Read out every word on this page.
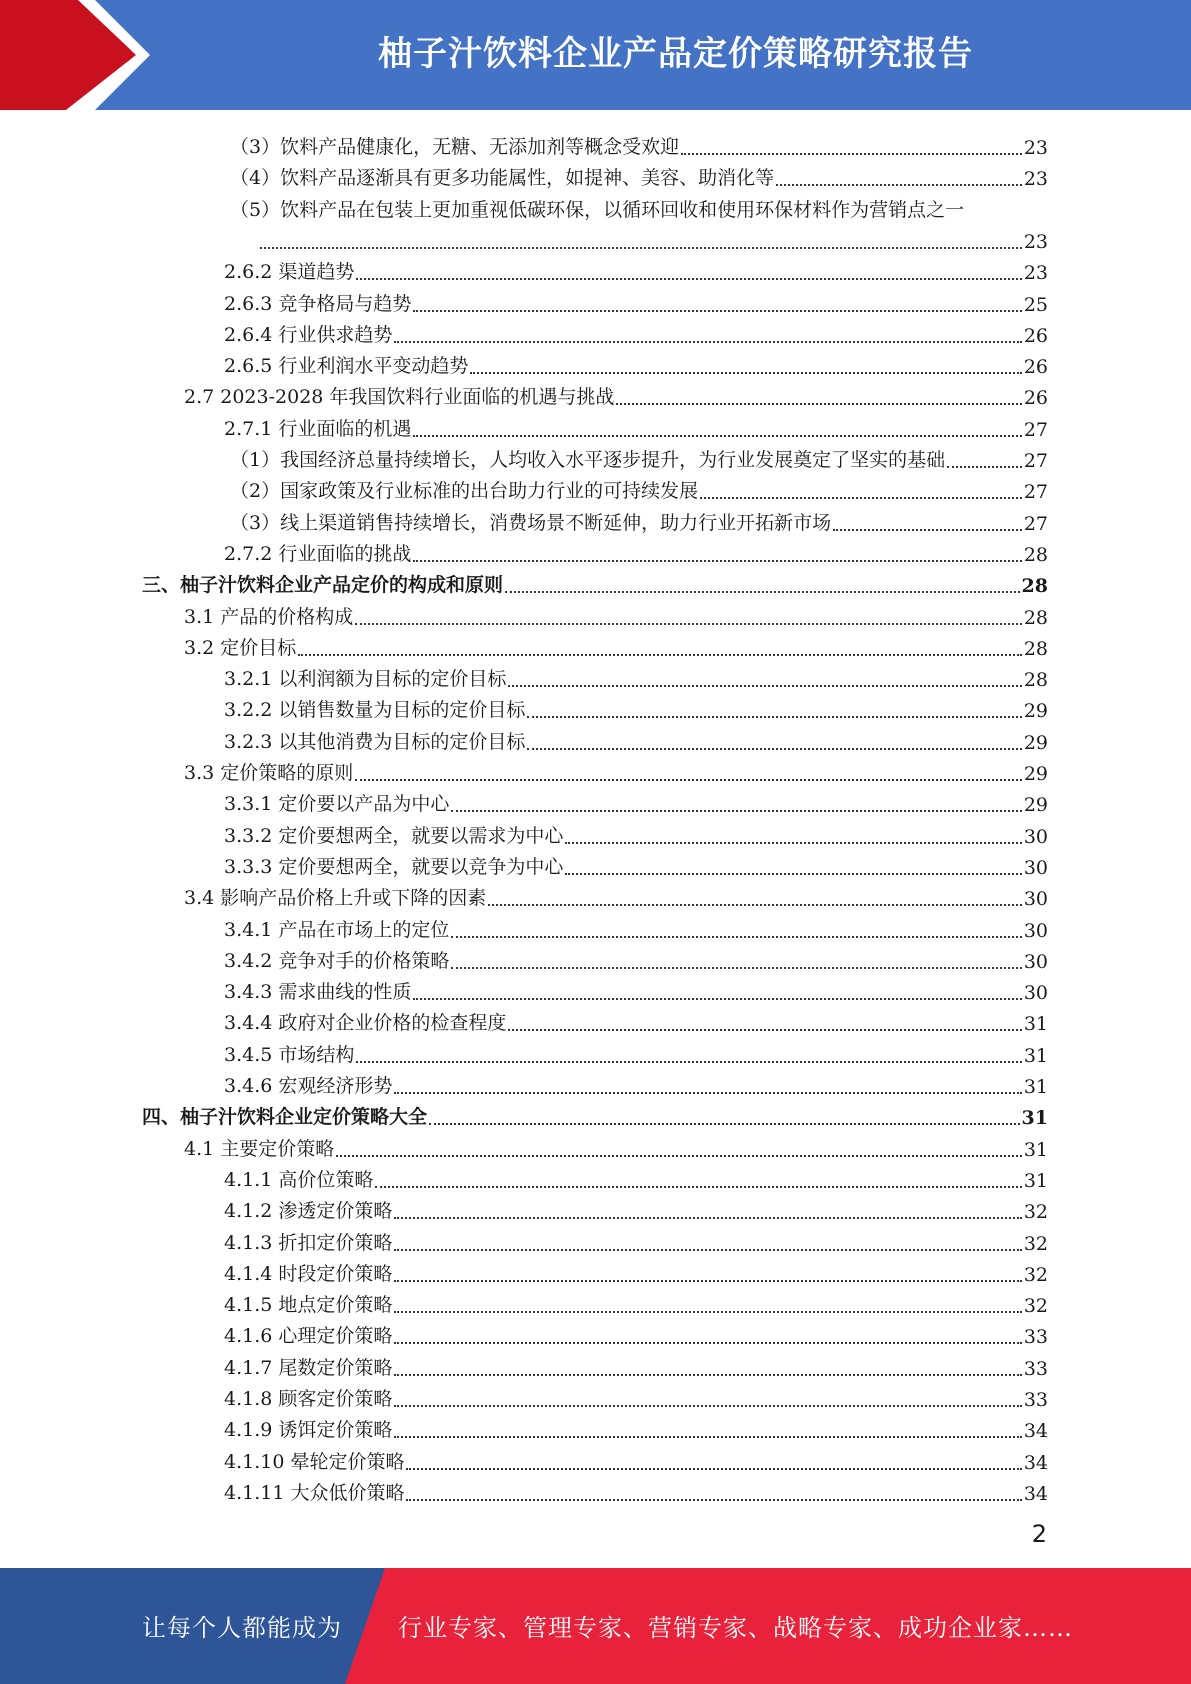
柚子汁饮料企业产品定价策略研究报告
（3）饮料产品健康化，无糖、无添加剂等概念受欢迎	23
（4）饮料产品逐渐具有更多功能属性，如提神、美容、助消化等	23
（5）饮料产品在包装上更加重视低碳环保，以循环回收和使用环保材料作为营销点之一
23
2.6.2 渠道趋势	23
2.6.3 竞争格局与趋势	25
2.6.4 行业供求趋势	26
2.6.5 行业利润水平变动趋势	26
2.7 2023-2028 年我国饮料行业面临的机遇与挑战	26
2.7.1 行业面临的机遇	27
（1）我国经济总量持续增长，人均收入水平逐步提升，为行业发展奠定了坚实的基础	27
（2）国家政策及行业标准的出台助力行业的可持续发展	27
（3）线上渠道销售持续增长，消费场景不断延伸，助力行业开拓新市场	27
2.7.2 行业面临的挑战	28
三、柚子汁饮料企业产品定价的构成和原则	28
3.1 产品的价格构成	28
3.2 定价目标	28
3.2.1 以利润额为目标的定价目标	28
3.2.2 以销售数量为目标的定价目标	29
3.2.3 以其他消费为目标的定价目标	29
3.3 定价策略的原则	29
3.3.1 定价要以产品为中心	29
3.3.2 定价要想两全，就要以需求为中心	30
3.3.3 定价要想两全，就要以竞争为中心	30
3.4 影响产品价格上升或下降的因素	30
3.4.1 产品在市场上的定位	30
3.4.2 竞争对手的价格策略	30
3.4.3 需求曲线的性质	30
3.4.4 政府对企业价格的检查程度	31
3.4.5 市场结构	31
3.4.6 宏观经济形势	31
四、柚子汁饮料企业定价策略大全	31
4.1 主要定价策略	31
4.1.1 高价位策略	31
4.1.2 渗透定价策略	32
4.1.3 折扣定价策略	32
4.1.4 时段定价策略	32
4.1.5 地点定价策略	32
4.1.6 心理定价策略	33
4.1.7 尾数定价策略	33
4.1.8 顾客定价策略	33
4.1.9 诱饵定价策略	34
4.1.10 晕轮定价策略	34
4.1.11 大众低价策略	34
2
让每个人都能成为 行业专家、管理专家、营销专家、战略专家、成功企业家……
